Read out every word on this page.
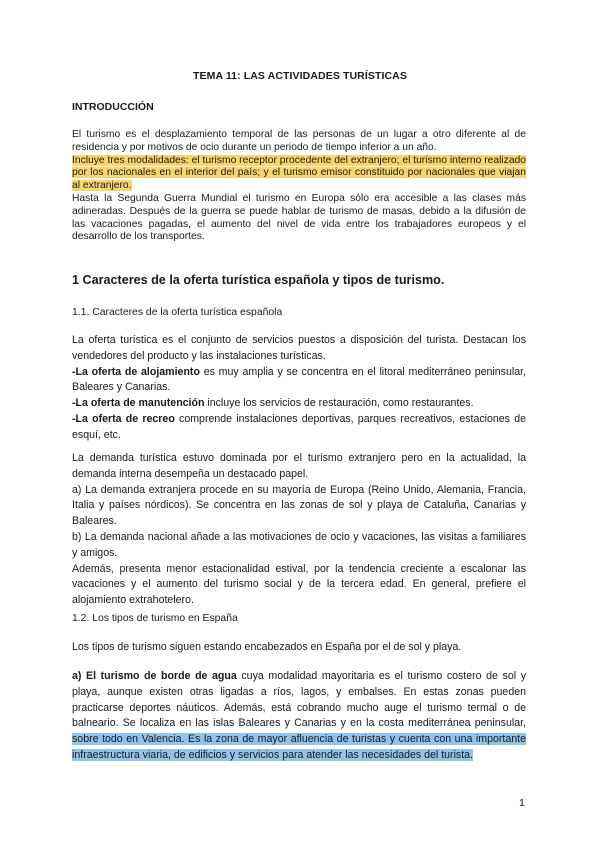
TEMA 11: LAS ACTIVIDADES TURÍSTICAS
INTRODUCCIÓN

El turismo es el desplazamiento temporal de las personas de un lugar a otro diferente al de residencia y por motivos de ocio durante un periodo de tiempo inferior a un año.

Incluye tres modalidades: el turismo receptor procedente del extranjero; el turismo interno realizado por los nacionales en el interior del país; y el turismo emisor constituido por nacionales que viajan al extranjero.

Hasta la Segunda Guerra Mundial el turismo en Europa sólo era accesible a las clases más adineradas. Después de la guerra se puede hablar de turismo de masas, debido a la difusión de las vacaciones pagadas, el aumento del nivel de vida entre los trabajadores europeos y el desarrollo de los transportes.

1 Caracteres de la oferta turística española y tipos de turismo.
1.1. Caracteres de la oferta turística española

La oferta turística es el conjunto de servicios puestos a disposición del turista. Destacan los vendedores del producto y las instalaciones turísticas.

-La oferta de alojamiento es muy amplia y se concentra en el litoral mediterráneo peninsular, Baleares y Canarias.

-La oferta de manutención incluye los servicios de restauración, como restaurantes.

-La oferta de recreo comprende instalaciones deportivas, parques recreativos, estaciones de esquí, etc.

La demanda turística estuvo dominada por el turismo extranjero pero en la actualidad, la demanda interna desempeña un destacado papel.

a) La demanda extranjera procede en su mayoría de Europa (Reino Unido, Alemania, Francia, Italia y países nórdicos). Se concentra en las zonas de sol y playa de Cataluña, Canarias y Baleares.

b) La demanda nacional añade a las motivaciones de ocio y vacaciones, las visitas a familiares y amigos.

Además, presenta menor estacionalidad estival, por la tendencia creciente a escalonar las vacaciones y el aumento del turismo social y de la tercera edad. En general, prefiere el alojamiento extrahotelero.

1.2. Los tipos de turismo en España

Los tipos de turismo siguen estando encabezados en España por el de sol y playa.

a) El turismo de borde de agua cuya modalidad mayoritaria es el turismo costero de sol y playa, aunque existen otras ligadas a ríos, lagos, y embalses. En estas zonas pueden practicarse deportes náuticos. Además, está cobrando mucho auge el turismo termal o de balneario. Se localiza en las islas Baleares y Canarias y en la costa mediterránea peninsular, sobre todo en Valencia. Es la zona de mayor afluencia de turistas y cuenta con una importante infraestructura viaria, de edificios y servicios para atender las necesidades del turista.

1
